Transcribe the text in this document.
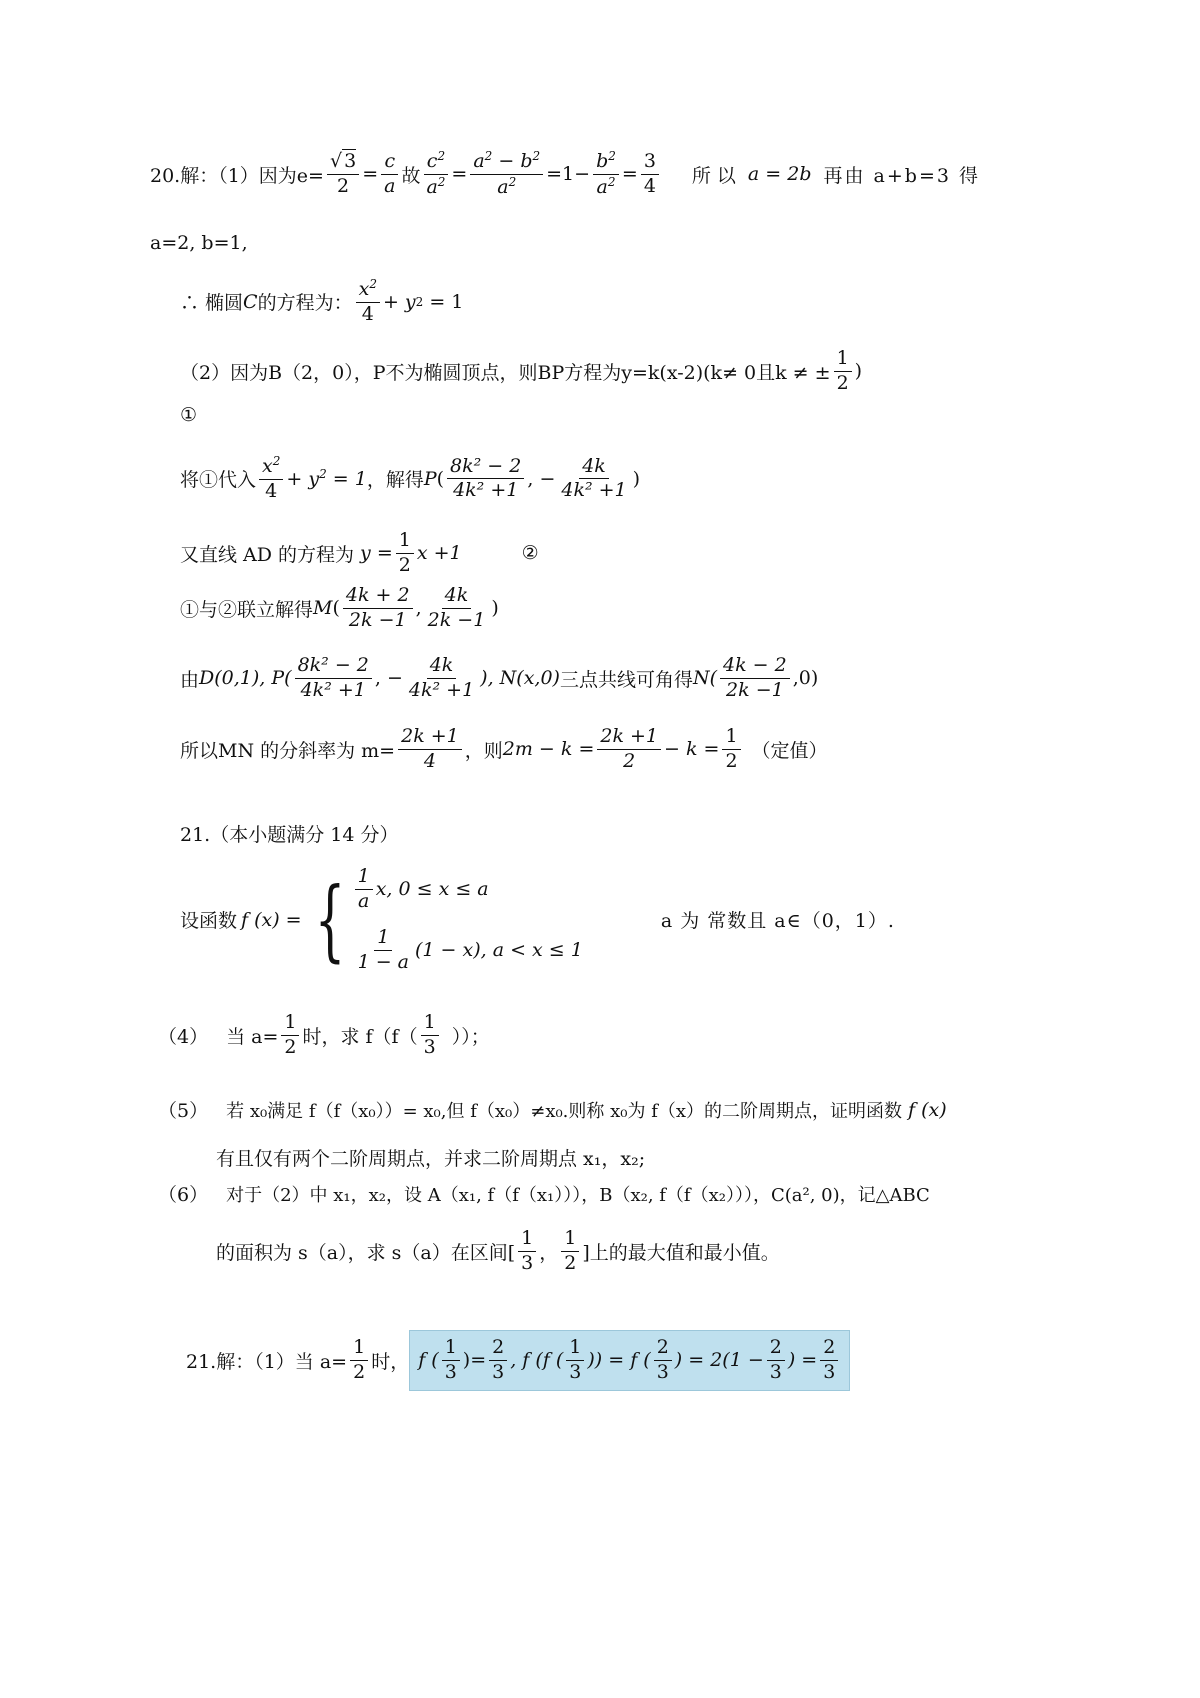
20.解：（1）因为$e= \frac{√ 3}{2} = \frac{c}{a}$ 故 $\frac{c^2}{a^2} = \frac{a^2 - b^2}{a^2} =1- \frac{b^2}{a^2} = \frac{3}{4}$ 所以 a = 2b 再由 a+b=3 得
a=2, b=1,
∴ 椭圆 C 的方程为： $\frac{x^2}{4} + y$ 2 = 1
（2）因为B（2，0），P不为椭圆顶点，则BP方程为y=k(x-2)(k ≠ 0且k ≠ ± $\frac{1}{2}$ )
①
将①代入 $\frac{x^2}{4} + y^2 = 1$ ，解得 P ( $\frac{\text{8k² − 2}}{\text{4k² +1}}$ , − $\frac{4k}{\text{4k² +1}}$ )
又直线 AD 的方程为 $y = \frac{1}{2}$ x +1	②
①与②联立解得 M ( $\frac{4k + 2}{2k -1}$ , $\frac{4k}{2k -1}$ )
由 D(0,1), $P( \frac{\text{8k² − 2}}{\text{4k² +1}}$ , − $\frac{4k}{\text{4k² +1}}$ ), N(x,0) 三点共线可角得 $N( \frac{4k - 2}{2k -1} ,0)$
所以MN 的分斜率为 $m= \frac{2k +1}{4}$ ，则 $2m - k = \frac{2k +1}{2} - k = \frac{1}{2}$ （定值）
21.（本小题满分 14 分）
设函数 f (x) = { $\frac{1}{a} x$, 0 ≤ x ≤ a
$\frac{1}{1 - a} (1 - x)$, a < x ≤ 1
a 为 常数且 a∈（0，1）.
（4） 当 $a= \frac{1}{2}$ 时，求 $f(f( \frac{1}{3}$ ））；
（5） 若 x₀满足 f（f（x₀））= x₀,但 f（x₀）≠x₀.则称 x₀为 f（x）的二阶周期点，证明函数 f (x)
有且仅有两个二阶周期点，并求二阶周期点 x₁，x₂;
（6） 对于（2）中 x₁，x₂，设 A（x₁, f（f（x₁））），B（x₂, f（f（x₂））），C(a², 0)，记△ABC
的面积为 s（a），求 s（a）在区间[ $\frac{1}{3}$ ， $\frac{1}{2}$ ]上的最大值和最小值。
21.解：（1）当 $a= \frac{1}{2}$ 时， f ( $\frac{1}{3}$ )= $\frac{2}{3}$ , f (f ( $\frac{1}{3}$ )) = f ( $\frac{2}{3}$ ) = $2(1 - \frac{2}{3}$ ) = $\frac{2}{3}$
